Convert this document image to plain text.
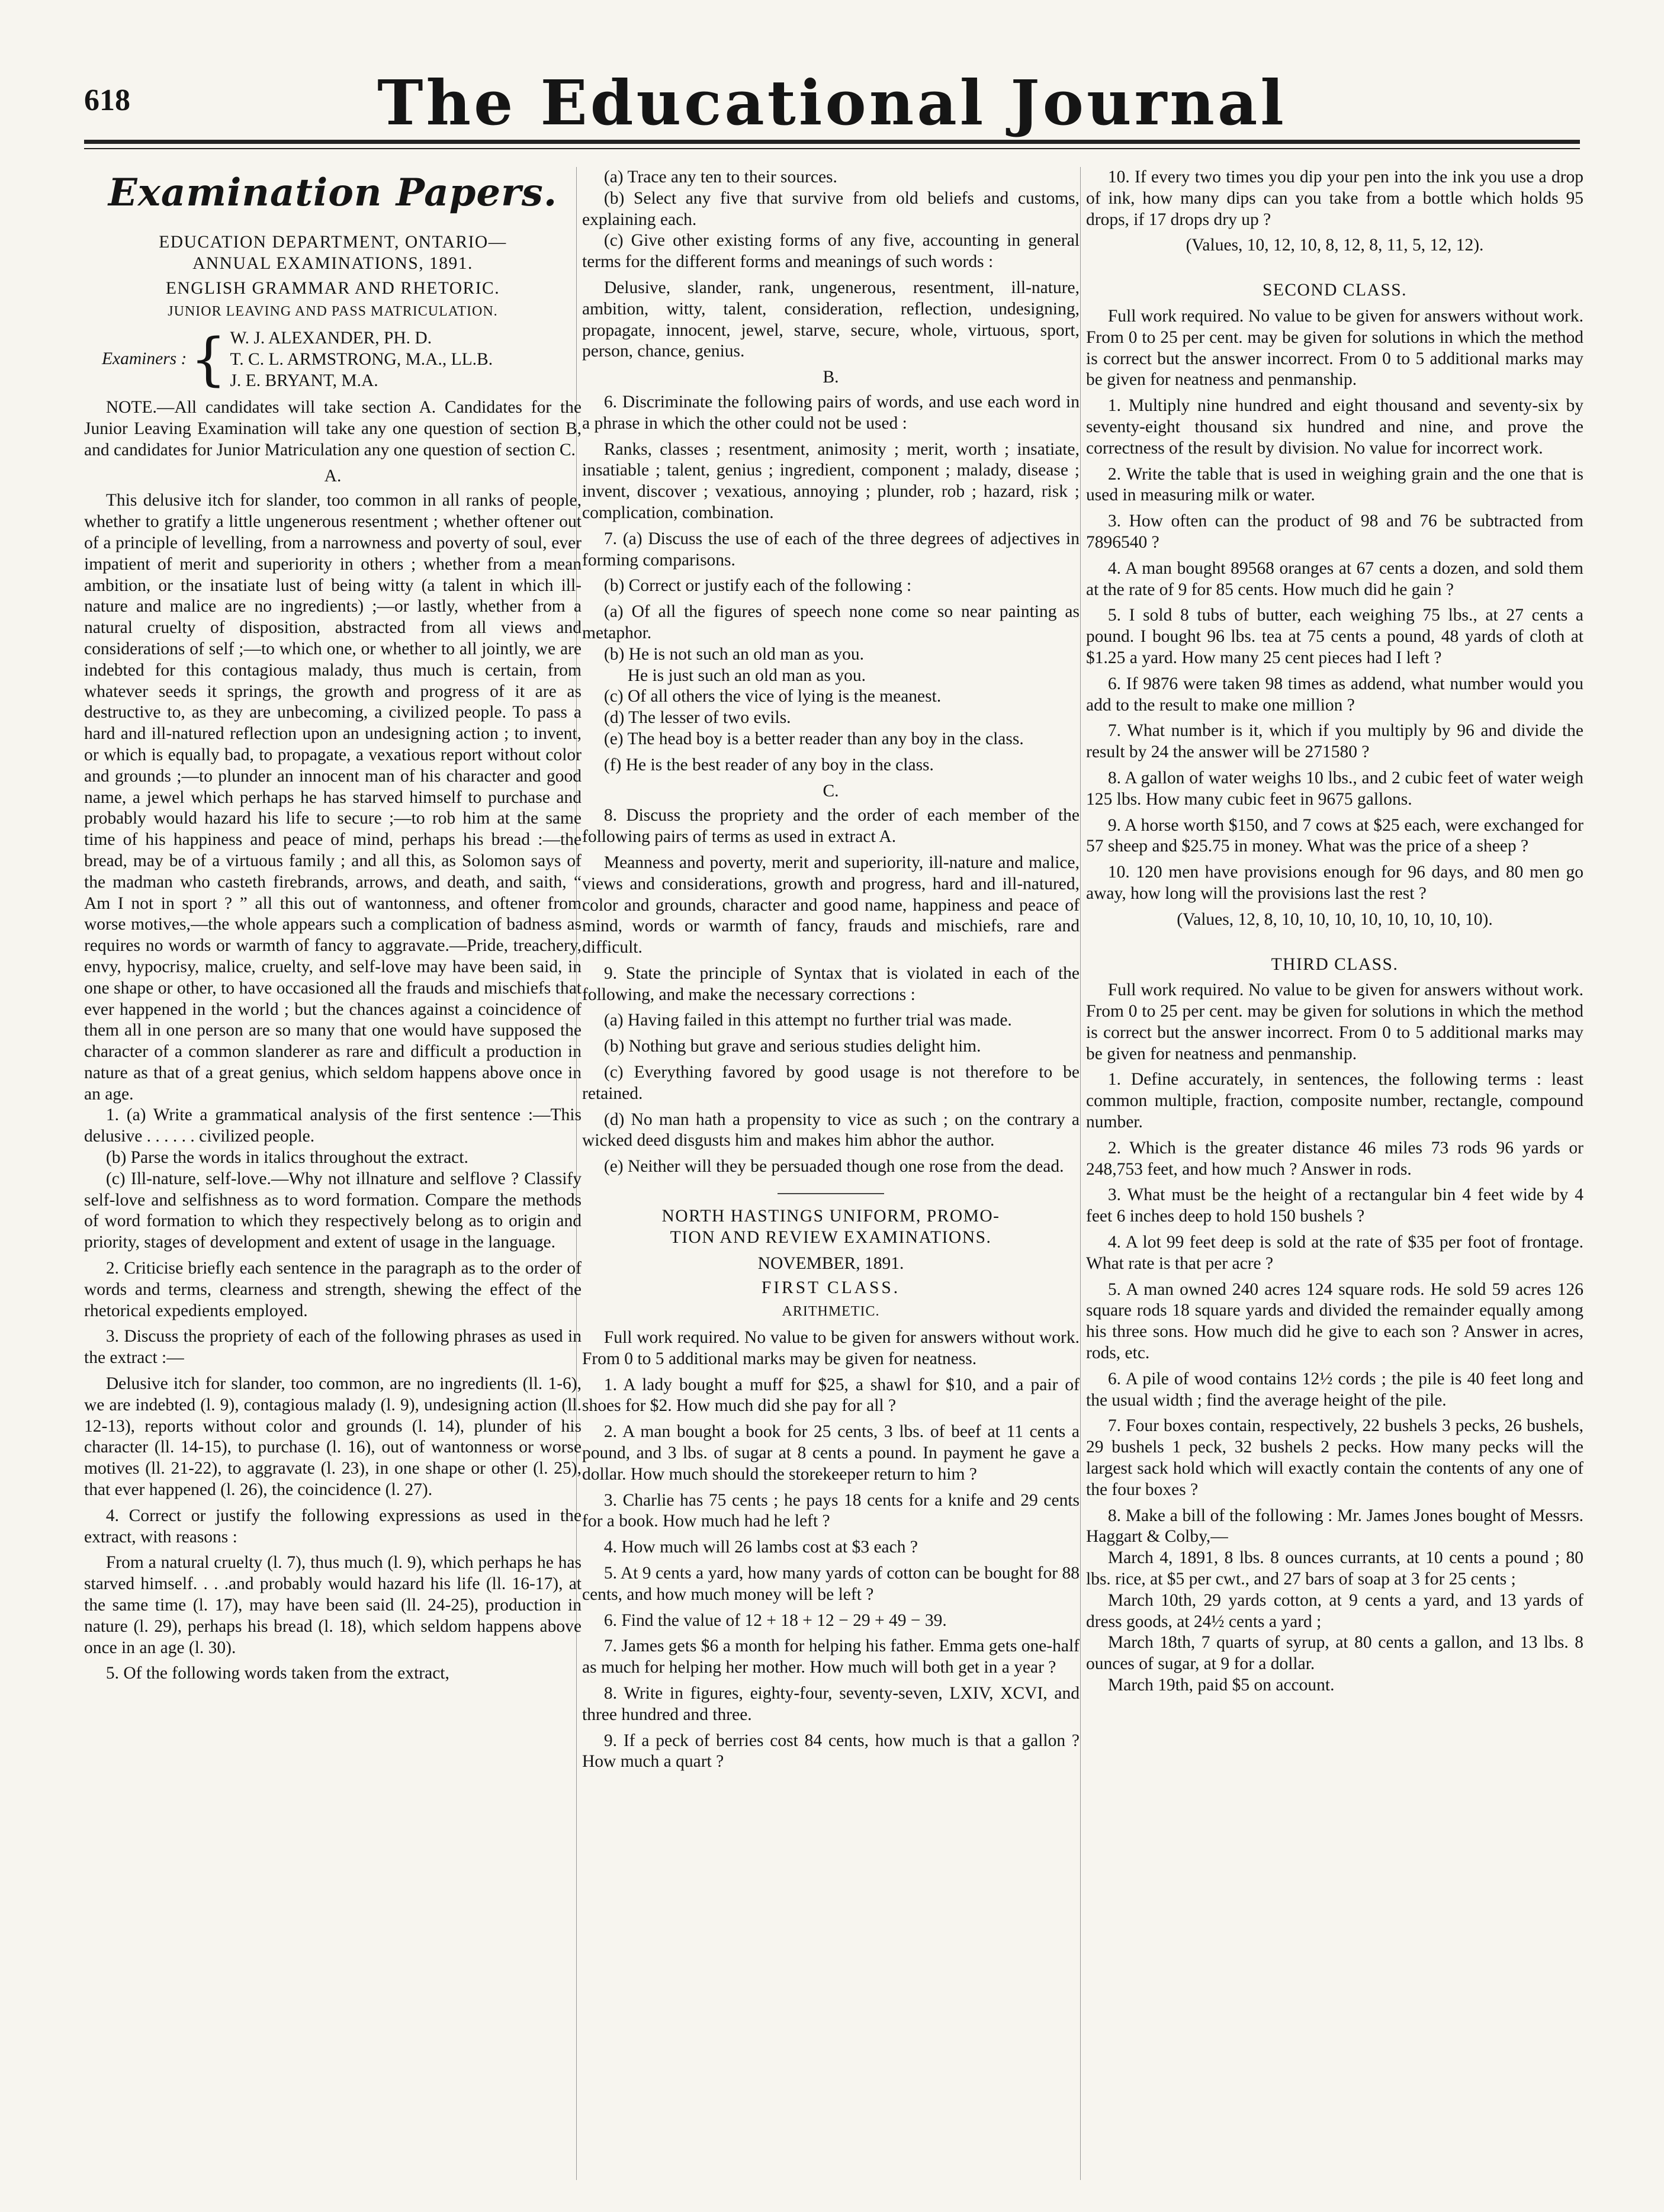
618	The Educational Journal
Examination Papers.
EDUCATION DEPARTMENT, ONTARIO—
ANNUAL EXAMINATIONS, 1891.
ENGLISH GRAMMAR AND RHETORIC.
JUNIOR LEAVING AND PASS MATRICULATION.
Examiners : { W. J. ALEXANDER, PH. D.
T. C. L. ARMSTRONG, M.A., LL.B.
J. E. BRYANT, M.A.
NOTE.—All candidates will take section A. Candidates for the Junior Leaving Examination will take any one question of section B, and candidates for Junior Matriculation any one question of section C.
A.
This delusive itch for slander, too common in all ranks of people, whether to gratify a little ungenerous resentment ; whether oftener out of a principle of levelling, from a narrowness and poverty of soul, ever impatient of merit and superiority in others ; whether from a mean ambition, or the insatiate lust of being witty (a talent in which ill-nature and malice are no ingredients) ;—or lastly, whether from a natural cruelty of disposition, abstracted from all views and considerations of self ;—to which one, or whether to all jointly, we are indebted for this contagious malady, thus much is certain, from whatever seeds it springs, the growth and progress of it are as destructive to, as they are unbecoming, a civilized people. To pass a hard and ill-natured reflection upon an undesigning action ; to invent, or which is equally bad, to propagate, a vexatious report without color and grounds ;—to plunder an innocent man of his character and good name, a jewel which perhaps he has starved himself to purchase and probably would hazard his life to secure ;—to rob him at the same time of his happiness and peace of mind, perhaps his bread :—the bread, may be of a virtuous family ; and all this, as Solomon says of the madman who casteth firebrands, arrows, and death, and saith, “ Am I not in sport ? ” all this out of wantonness, and oftener from worse motives,—the whole appears such a complication of badness as requires no words or warmth of fancy to aggravate.—Pride, treachery, envy, hypocrisy, malice, cruelty, and self-love may have been said, in one shape or other, to have occasioned all the frauds and mischiefs that ever happened in the world ; but the chances against a coincidence of them all in one person are so many that one would have supposed the character of a common slanderer as rare and difficult a production in nature as that of a great genius, which seldom happens above once in an age.
1. (a) Write a grammatical analysis of the first sentence :—This delusive . . . . . . civilized people.
(b) Parse the words in italics throughout the extract.
(c) Ill-nature, self-love.—Why not illnature and selflove ? Classify self-love and selfishness as to word formation. Compare the methods of word formation to which they respectively belong as to origin and priority, stages of development and extent of usage in the language.
2. Criticise briefly each sentence in the paragraph as to the order of words and terms, clearness and strength, shewing the effect of the rhetorical expedients employed.
3. Discuss the propriety of each of the following phrases as used in the extract :—
Delusive itch for slander, too common, are no ingredients (ll. 1-6), we are indebted (l. 9), contagious malady (l. 9), undesigning action (ll. 12-13), reports without color and grounds (l. 14), plunder of his character (ll. 14-15), to purchase (l. 16), out of wantonness or worse motives (ll. 21-22), to aggravate (l. 23), in one shape or other (l. 25), that ever happened (l. 26), the coincidence (l. 27).
4. Correct or justify the following expressions as used in the extract, with reasons :
From a natural cruelty (l. 7), thus much (l. 9), which perhaps he has starved himself. . . .and probably would hazard his life (ll. 16-17), at the same time (l. 17), may have been said (ll. 24-25), production in nature (l. 29), perhaps his bread (l. 18), which seldom happens above once in an age (l. 30).
5. Of the following words taken from the extract,
(a) Trace any ten to their sources.
(b) Select any five that survive from old beliefs and customs, explaining each.
(c) Give other existing forms of any five, accounting in general terms for the different forms and meanings of such words :
Delusive, slander, rank, ungenerous, resentment, ill-nature, ambition, witty, talent, consideration, reflection, undesigning, propagate, innocent, jewel, starve, secure, whole, virtuous, sport, person, chance, genius.
B.
6. Discriminate the following pairs of words, and use each word in a phrase in which the other could not be used :
Ranks, classes ; resentment, animosity ; merit, worth ; insatiate, insatiable ; talent, genius ; ingredient, component ; malady, disease ; invent, discover ; vexatious, annoying ; plunder, rob ; hazard, risk ; complication, combination.
7. (a) Discuss the use of each of the three degrees of adjectives in forming comparisons.
(b) Correct or justify each of the following :
(a) Of all the figures of speech none come so near painting as metaphor.
(b) He is not such an old man as you.
He is just such an old man as you.
(c) Of all others the vice of lying is the meanest.
(d) The lesser of two evils.
(e) The head boy is a better reader than any boy in the class.
(f) He is the best reader of any boy in the class.
C.
8. Discuss the propriety and the order of each member of the following pairs of terms as used in extract A.
Meanness and poverty, merit and superiority, ill-nature and malice, views and considerations, growth and progress, hard and ill-natured, color and grounds, character and good name, happiness and peace of mind, words or warmth of fancy, frauds and mischiefs, rare and difficult.
9. State the principle of Syntax that is violated in each of the following, and make the necessary corrections :
(a) Having failed in this attempt no further trial was made.
(b) Nothing but grave and serious studies delight him.
(c) Everything favored by good usage is not therefore to be retained.
(d) No man hath a propensity to vice as such ; on the contrary a wicked deed disgusts him and makes him abhor the author.
(e) Neither will they be persuaded though one rose from the dead.
NORTH HASTINGS UNIFORM, PROMO-
TION AND REVIEW EXAMINATIONS.
NOVEMBER, 1891.
FIRST CLASS.
ARITHMETIC.
Full work required. No value to be given for answers without work. From 0 to 5 additional marks may be given for neatness.
1. A lady bought a muff for $25, a shawl for $10, and a pair of shoes for $2. How much did she pay for all ?
2. A man bought a book for 25 cents, 3 lbs. of beef at 11 cents a pound, and 3 lbs. of sugar at 8 cents a pound. In payment he gave a dollar. How much should the storekeeper return to him ?
3. Charlie has 75 cents ; he pays 18 cents for a knife and 29 cents for a book. How much had he left ?
4. How much will 26 lambs cost at $3 each ?
5. At 9 cents a yard, how many yards of cotton can be bought for 88 cents, and how much money will be left ?
6. Find the value of 12 + 18 + 12 − 29 + 49 − 39.
7. James gets $6 a month for helping his father. Emma gets one-half as much for helping her mother. How much will both get in a year ?
8. Write in figures, eighty-four, seventy-seven, LXIV, XCVI, and three hundred and three.
9. If a peck of berries cost 84 cents, how much is that a gallon ? How much a quart ?
10. If every two times you dip your pen into the ink you use a drop of ink, how many dips can you take from a bottle which holds 95 drops, if 17 drops dry up ?
(Values, 10, 12, 10, 8, 12, 8, 11, 5, 12, 12).
SECOND CLASS.
Full work required. No value to be given for answers without work. From 0 to 25 per cent. may be given for solutions in which the method is correct but the answer incorrect. From 0 to 5 additional marks may be given for neatness and penmanship.
1. Multiply nine hundred and eight thousand and seventy-six by seventy-eight thousand six hundred and nine, and prove the correctness of the result by division. No value for incorrect work.
2. Write the table that is used in weighing grain and the one that is used in measuring milk or water.
3. How often can the product of 98 and 76 be subtracted from 7896540 ?
4. A man bought 89568 oranges at 67 cents a dozen, and sold them at the rate of 9 for 85 cents. How much did he gain ?
5. I sold 8 tubs of butter, each weighing 75 lbs., at 27 cents a pound. I bought 96 lbs. tea at 75 cents a pound, 48 yards of cloth at $1.25 a yard. How many 25 cent pieces had I left ?
6. If 9876 were taken 98 times as addend, what number would you add to the result to make one million ?
7. What number is it, which if you multiply by 96 and divide the result by 24 the answer will be 271580 ?
8. A gallon of water weighs 10 lbs., and 2 cubic feet of water weigh 125 lbs. How many cubic feet in 9675 gallons.
9. A horse worth $150, and 7 cows at $25 each, were exchanged for 57 sheep and $25.75 in money. What was the price of a sheep ?
10. 120 men have provisions enough for 96 days, and 80 men go away, how long will the provisions last the rest ?
(Values, 12, 8, 10, 10, 10, 10, 10, 10, 10, 10).
THIRD CLASS.
Full work required. No value to be given for answers without work. From 0 to 25 per cent. may be given for solutions in which the method is correct but the answer incorrect. From 0 to 5 additional marks may be given for neatness and penmanship.
1. Define accurately, in sentences, the following terms : least common multiple, fraction, composite number, rectangle, compound number.
2. Which is the greater distance 46 miles 73 rods 96 yards or 248,753 feet, and how much ? Answer in rods.
3. What must be the height of a rectangular bin 4 feet wide by 4 feet 6 inches deep to hold 150 bushels ?
4. A lot 99 feet deep is sold at the rate of $35 per foot of frontage. What rate is that per acre ?
5. A man owned 240 acres 124 square rods. He sold 59 acres 126 square rods 18 square yards and divided the remainder equally among his three sons. How much did he give to each son ? Answer in acres, rods, etc.
6. A pile of wood contains 12½ cords ; the pile is 40 feet long and the usual width ; find the average height of the pile.
7. Four boxes contain, respectively, 22 bushels 3 pecks, 26 bushels, 29 bushels 1 peck, 32 bushels 2 pecks. How many pecks will the largest sack hold which will exactly contain the contents of any one of the four boxes ?
8. Make a bill of the following : Mr. James Jones bought of Messrs. Haggart & Colby,—
March 4, 1891, 8 lbs. 8 ounces currants, at 10 cents a pound ; 80 lbs. rice, at $5 per cwt., and 27 bars of soap at 3 for 25 cents ;
March 10th, 29 yards cotton, at 9 cents a yard, and 13 yards of dress goods, at 24½ cents a yard ;
March 18th, 7 quarts of syrup, at 80 cents a gallon, and 13 lbs. 8 ounces of sugar, at 9 for a dollar.
March 19th, paid $5 on account.
